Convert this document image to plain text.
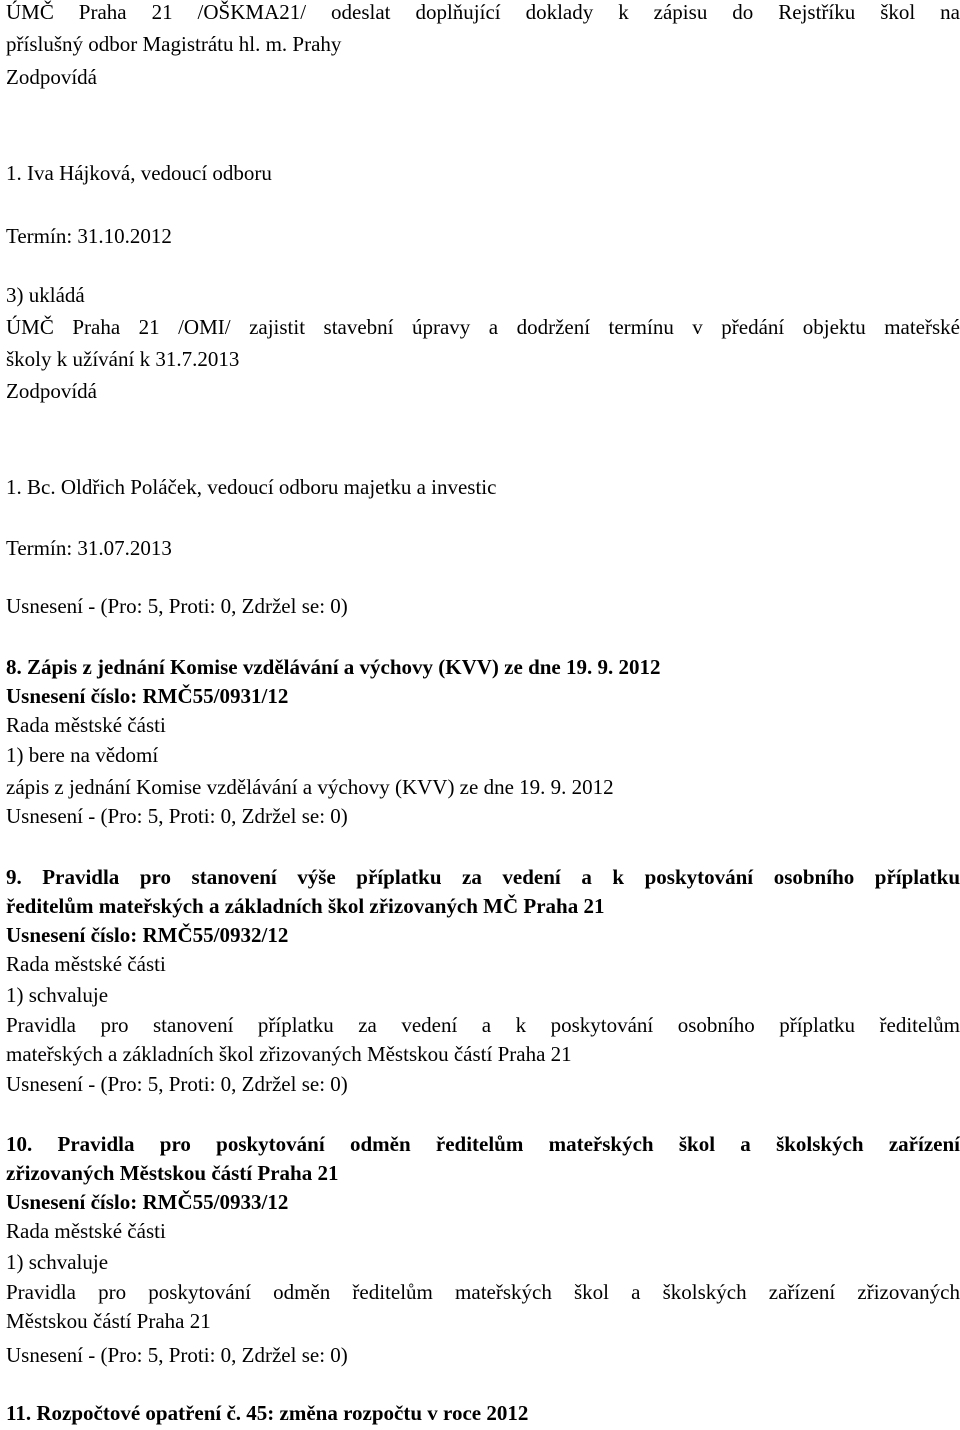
ÚMČ Praha 21 /OŠKMA21/ odeslat doplňující doklady k zápisu do Rejstříku škol na
příslušný odbor Magistrátu hl. m. Prahy
Zodpovídá
1. Iva Hájková, vedoucí odboru
Termín: 31.10.2012
3) ukládá
ÚMČ Praha 21 /OMI/ zajistit stavební úpravy a dodržení termínu v předání objektu mateřské
školy k užívání k 31.7.2013
Zodpovídá
1. Bc. Oldřich Poláček, vedoucí odboru majetku a investic
Termín: 31.07.2013
Usnesení - (Pro: 5, Proti: 0, Zdržel se: 0)
8. Zápis z jednání Komise vzdělávání a výchovy (KVV) ze dne 19. 9. 2012
Usnesení číslo: RMČ55/0931/12
Rada městské části
1) bere na vědomí
zápis z jednání Komise vzdělávání a výchovy (KVV) ze dne 19. 9. 2012
Usnesení - (Pro: 5, Proti: 0, Zdržel se: 0)
9. Pravidla pro stanovení výše příplatku za vedení a k poskytování osobního příplatku
ředitelům mateřských a základních škol zřizovaných MČ Praha 21
Usnesení číslo: RMČ55/0932/12
Rada městské části
1) schvaluje
Pravidla pro stanovení příplatku za vedení a k poskytování osobního příplatku ředitelům
mateřských a základních škol zřizovaných Městskou částí Praha 21
Usnesení - (Pro: 5, Proti: 0, Zdržel se: 0)
10. Pravidla pro poskytování odměn ředitelům mateřských škol a školských zařízení
zřizovaných Městskou částí Praha 21
Usnesení číslo: RMČ55/0933/12
Rada městské části
1) schvaluje
Pravidla pro poskytování odměn ředitelům mateřských škol a školských zařízení zřizovaných
Městskou částí Praha 21
Usnesení - (Pro: 5, Proti: 0, Zdržel se: 0)
11. Rozpočtové opatření č. 45: změna rozpočtu v roce 2012
